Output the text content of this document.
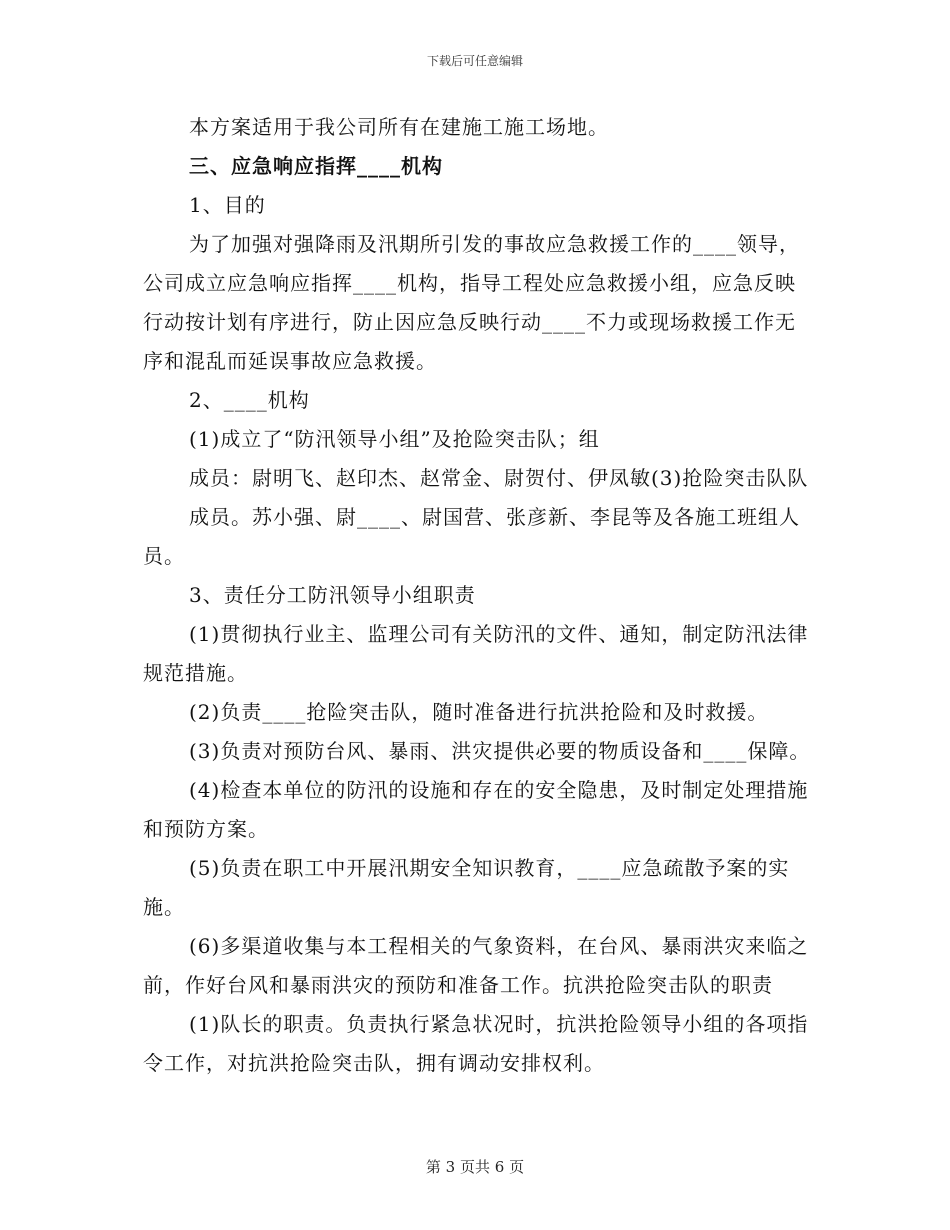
下载后可任意编辑

本方案适用于我公司所有在建施工施工场地。

三、应急响应指挥____机构

1、目的

为了加强对强降雨及汛期所引发的事故应急救援工作的____领导，公司成立应急响应指挥____机构，指导工程处应急救援小组，应急反映行动按计划有序进行，防止因应急反映行动____不力或现场救援工作无序和混乱而延误事故应急救援。

2、____机构

(1)成立了“防汛领导小组”及抢险突击队；组

成员：尉明飞、赵印杰、赵常金、尉贺付、伊凤敏(3)抢险突击队队

成员。苏小强、尉____、尉国营、张彦新、李昆等及各施工班组人员。

3、责任分工防汛领导小组职责

(1)贯彻执行业主、监理公司有关防汛的文件、通知，制定防汛法律规范措施。

(2)负责____抢险突击队，随时准备进行抗洪抢险和及时救援。

(3)负责对预防台风、暴雨、洪灾提供必要的物质设备和____保障。

(4)检查本单位的防汛的设施和存在的安全隐患，及时制定处理措施和预防方案。

(5)负责在职工中开展汛期安全知识教育，____应急疏散予案的实施。

(6)多渠道收集与本工程相关的气象资料，在台风、暴雨洪灾来临之前，作好台风和暴雨洪灾的预防和准备工作。抗洪抢险突击队的职责

(1)队长的职责。负责执行紧急状况时，抗洪抢险领导小组的各项指令工作，对抗洪抢险突击队，拥有调动安排权利。

第 3 页共 6 页
